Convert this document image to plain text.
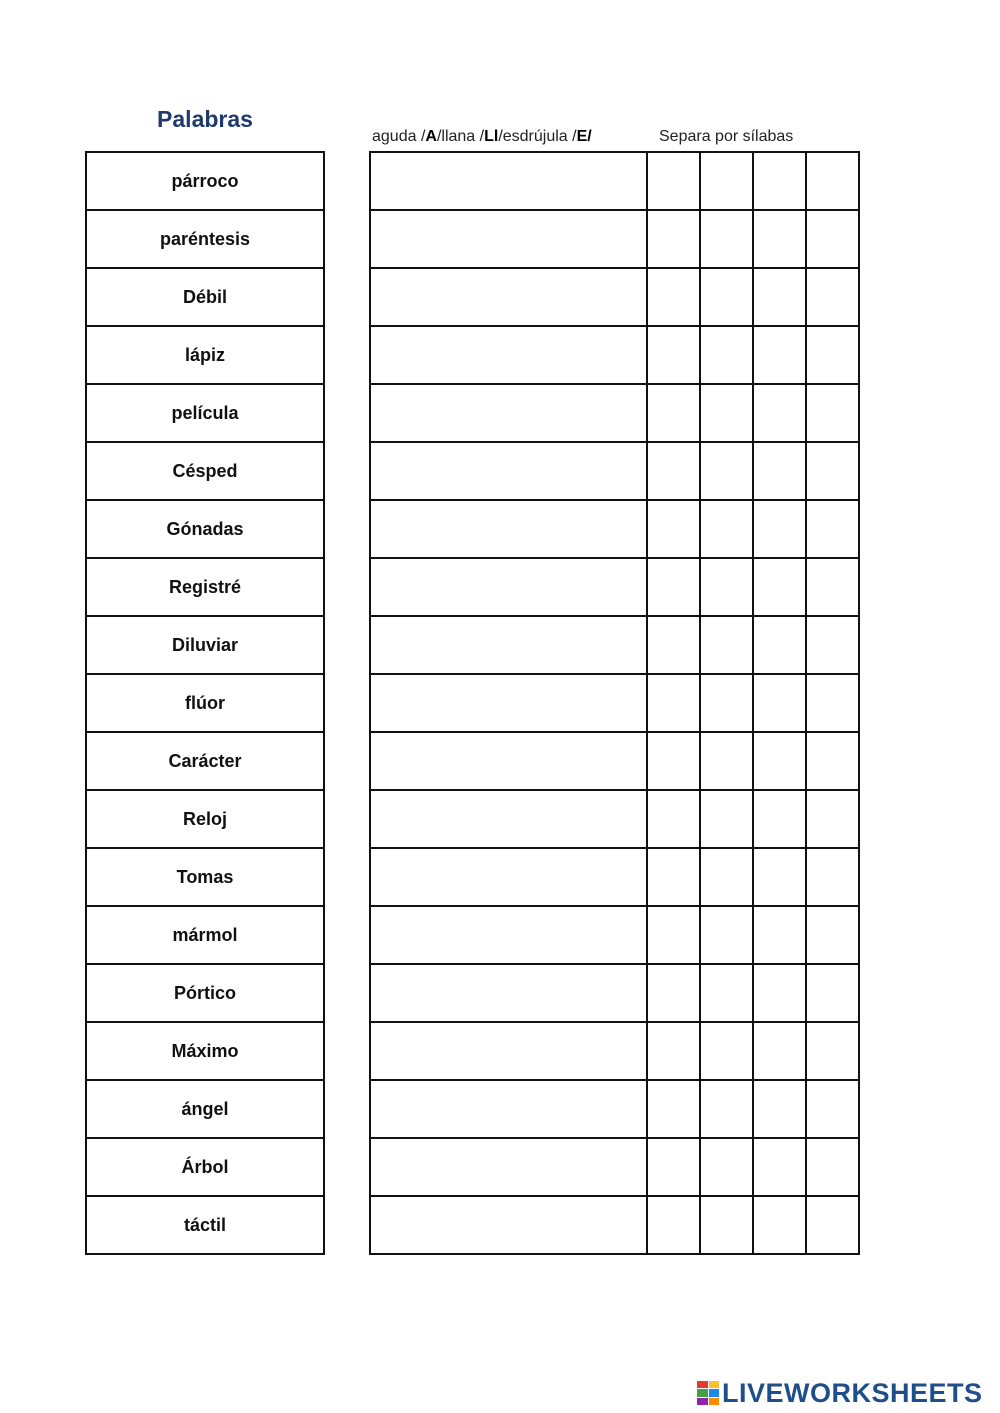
Palabras
aguda /A/llana /Ll/esdrújula /E/	Separa por sílabas
párroco
paréntesis
Débil
lápiz
película
Césped
Gónadas
Registré
Diluviar
flúor
Carácter
Reloj
Tomas
mármol
Pórtico
Máximo
ángel
Árbol
táctil

LIVEWORKSHEETS
